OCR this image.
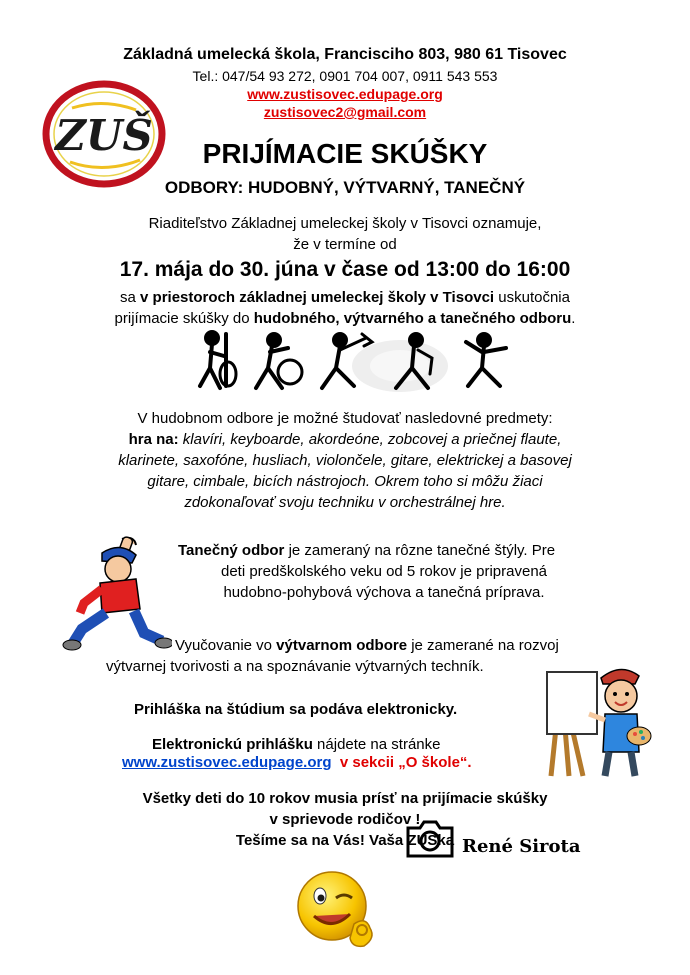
Základná umelecká škola, Francisciho 803, 980 61 Tisovec
Tel.: 047/54 93 272, 0901 704 007, 0911 543 553
www.zustisovec.edupage.org
zustisovec2@gmail.com
ZUŠ	PRIJÍMACIE SKÚŠKY
ODBORY: HUDOBNÝ, VÝTVARNÝ, TANEČNÝ
Riaditeľstvo Základnej umeleckej školy v Tisovci oznamuje,
že v termíne od
17. mája do 30. júna v čase od 13:00 do 16:00
sa v priestoroch základnej umeleckej školy v Tisovci uskutočnia
prijímacie skúšky do hudobného, výtvarného a tanečného odboru.
V hudobnom odbore je možné študovať nasledovné predmety:
hra na: klavíri, keyboarde, akordeóne, zobcovej a priečnej flaute,
klarinete, saxofóne, husliach, violončele, gitare, elektrickej a basovej
gitare, cimbale, bicích nástrojoch. Okrem toho si môžu žiaci
zdokonaľovať svoju techniku v orchestrálnej hre.
Tanečný odbor je zameraný na rôzne tanečné štýly. Pre
deti predškolského veku od 5 rokov je pripravená
hudobno-pohybová výchova a tanečná príprava.
Vyučovanie vo výtvarnom odbore je zamerané na rozvoj
výtvarnej tvorivosti a na spoznávanie výtvarných techník.
Prihláška na štúdium sa podáva elektronicky.
Elektronickú prihlášku nájdete na stránke
www.zustisovec.edupage.org v sekcii „O škole“.
Všetky deti do 10 rokov musia prísť na prijímacie skúšky
v sprievode rodičov !
Tešíme sa na Vás! Vaša ZUŠka René Sirota
